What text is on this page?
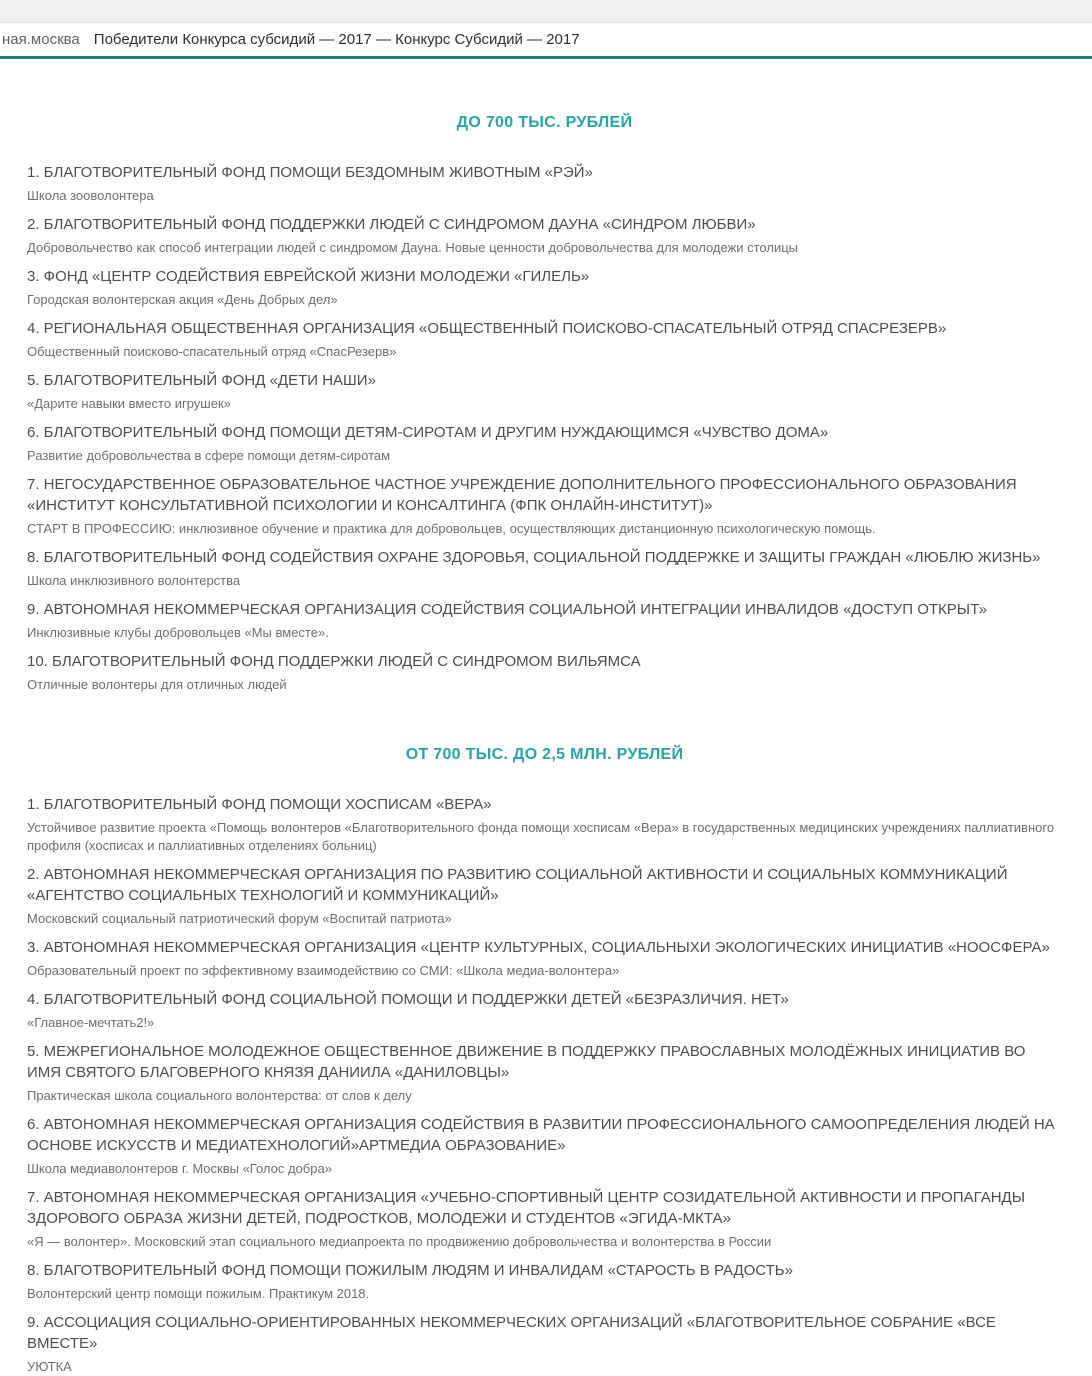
ная.москва Победители Конкурса субсидий — 2017 — Конкурс Субсидий — 2017
ДО 700 ТЫС. РУБЛЕЙ
1. БЛАГОТВОРИТЕЛЬНЫЙ ФОНД ПОМОЩИ БЕЗДОМНЫМ ЖИВОТНЫМ «РЭЙ»
Школа зооволонтера
2. БЛАГОТВОРИТЕЛЬНЫЙ ФОНД ПОДДЕРЖКИ ЛЮДЕЙ С СИНДРОМОМ ДАУНА «СИНДРОМ ЛЮБВИ»
Добровольчество как способ интеграции людей с синдромом Дауна. Новые ценности добровольчества для молодежи столицы
3. ФОНД «ЦЕНТР СОДЕЙСТВИЯ ЕВРЕЙСКОЙ ЖИЗНИ МОЛОДЕЖИ «ГИЛЕЛЬ»
Городская волонтерская акция «День Добрых дел»
4. РЕГИОНАЛЬНАЯ ОБЩЕСТВЕННАЯ ОРГАНИЗАЦИЯ «ОБЩЕСТВЕННЫЙ ПОИСКОВО-СПАСАТЕЛЬНЫЙ ОТРЯД СПАСРЕЗЕРВ»
Общественный поисково-спасательный отряд «СпасРезерв»
5. БЛАГОТВОРИТЕЛЬНЫЙ ФОНД «ДЕТИ НАШИ»
«Дарите навыки вместо игрушек»
6. БЛАГОТВОРИТЕЛЬНЫЙ ФОНД ПОМОЩИ ДЕТЯМ-СИРОТАМ И ДРУГИМ НУЖДАЮЩИМСЯ «ЧУВСТВО ДОМА»
Развитие добровольчества в сфере помощи детям-сиротам
7. НЕГОСУДАРСТВЕННОЕ ОБРАЗОВАТЕЛЬНОЕ ЧАСТНОЕ УЧРЕЖДЕНИЕ ДОПОЛНИТЕЛЬНОГО ПРОФЕССИОНАЛЬНОГО ОБРАЗОВАНИЯ «ИНСТИТУТ КОНСУЛЬТАТИВНОЙ ПСИХОЛОГИИ И КОНСАЛТИНГА (ФПК ОНЛАЙН-ИНСТИТУТ)»
СТАРТ В ПРОФЕССИЮ: инклюзивное обучение и практика для добровольцев, осуществляющих дистанционную психологическую помощь.
8. БЛАГОТВОРИТЕЛЬНЫЙ ФОНД СОДЕЙСТВИЯ ОХРАНЕ ЗДОРОВЬЯ, СОЦИАЛЬНОЙ ПОДДЕРЖКЕ И ЗАЩИТЫ ГРАЖДАН «ЛЮБЛЮ ЖИЗНЬ»
Школа инклюзивного волонтерства
9. АВТОНОМНАЯ НЕКОММЕРЧЕСКАЯ ОРГАНИЗАЦИЯ СОДЕЙСТВИЯ СОЦИАЛЬНОЙ ИНТЕГРАЦИИ ИНВАЛИДОВ «ДОСТУП ОТКРЫТ»
Инклюзивные клубы добровольцев «Мы вместе».
10. БЛАГОТВОРИТЕЛЬНЫЙ ФОНД ПОДДЕРЖКИ ЛЮДЕЙ С СИНДРОМОМ ВИЛЬЯМСА
Отличные волонтеры для отличных людей
ОТ 700 ТЫС. ДО 2,5 МЛН. РУБЛЕЙ
1. БЛАГОТВОРИТЕЛЬНЫЙ ФОНД ПОМОЩИ ХОСПИСАМ «ВЕРА»
Устойчивое развитие проекта «Помощь волонтеров «Благотворительного фонда помощи хосписам «Вера» в государственных медицинских учреждениях паллиативного профиля (хосписах и паллиативных отделениях больниц)
2. АВТОНОМНАЯ НЕКОММЕРЧЕСКАЯ ОРГАНИЗАЦИЯ ПО РАЗВИТИЮ СОЦИАЛЬНОЙ АКТИВНОСТИ И СОЦИАЛЬНЫХ КОММУНИКАЦИЙ «АГЕНТСТВО СОЦИАЛЬНЫХ ТЕХНОЛОГИЙ И КОММУНИКАЦИЙ»
Московский социальный патриотический форум «Воспитай патриота»
3. АВТОНОМНАЯ НЕКОММЕРЧЕСКАЯ ОРГАНИЗАЦИЯ «ЦЕНТР КУЛЬТУРНЫХ, СОЦИАЛЬНЫХИ ЭКОЛОГИЧЕСКИХ ИНИЦИАТИВ «НООСФЕРА»
Образовательный проект по эффективному взаимодействию со СМИ: «Школа медиа-волонтера»
4. БЛАГОТВОРИТЕЛЬНЫЙ ФОНД СОЦИАЛЬНОЙ ПОМОЩИ И ПОДДЕРЖКИ ДЕТЕЙ «БЕЗРАЗЛИЧИЯ. НЕТ»
«Главное-мечтать2!»
5. МЕЖРЕГИОНАЛЬНОЕ МОЛОДЕЖНОЕ ОБЩЕСТВЕННОЕ ДВИЖЕНИЕ В ПОДДЕРЖКУ ПРАВОСЛАВНЫХ МОЛОДЁЖНЫХ ИНИЦИАТИВ ВО ИМЯ СВЯТОГО БЛАГОВЕРНОГО КНЯЗЯ ДАНИИЛА «ДАНИЛОВЦЫ»
Практическая школа социального волонтерства: от слов к делу
6. АВТОНОМНАЯ НЕКОММЕРЧЕСКАЯ ОРГАНИЗАЦИЯ СОДЕЙСТВИЯ В РАЗВИТИИ ПРОФЕССИОНАЛЬНОГО САМООПРЕДЕЛЕНИЯ ЛЮДЕЙ НА ОСНОВЕ ИСКУССТВ И МЕДИАТЕХНОЛОГИЙ»АРТМЕДИА ОБРАЗОВАНИЕ»
Школа медиаволонтеров г. Москвы «Голос добра»
7. АВТОНОМНАЯ НЕКОММЕРЧЕСКАЯ ОРГАНИЗАЦИЯ «УЧЕБНО-СПОРТИВНЫЙ ЦЕНТР СОЗИДАТЕЛЬНОЙ АКТИВНОСТИ И ПРОПАГАНДЫ ЗДОРОВОГО ОБРАЗА ЖИЗНИ ДЕТЕЙ, ПОДРОСТКОВ, МОЛОДЕЖИ И СТУДЕНТОВ «ЭГИДА-МКТА»
«Я — волонтер». Московский этап социального медиапроекта по продвижению добровольчества и волонтерства в России
8. БЛАГОТВОРИТЕЛЬНЫЙ ФОНД ПОМОЩИ ПОЖИЛЫМ ЛЮДЯМ И ИНВАЛИДАМ «СТАРОСТЬ В РАДОСТЬ»
Волонтерский центр помощи пожилым. Практикум 2018.
9. АССОЦИАЦИЯ СОЦИАЛЬНО-ОРИЕНТИРОВАННЫХ НЕКОММЕРЧЕСКИХ ОРГАНИЗАЦИЙ «БЛАГОТВОРИТЕЛЬНОЕ СОБРАНИЕ «ВСЕ ВМЕСТЕ»
УЮТКА
